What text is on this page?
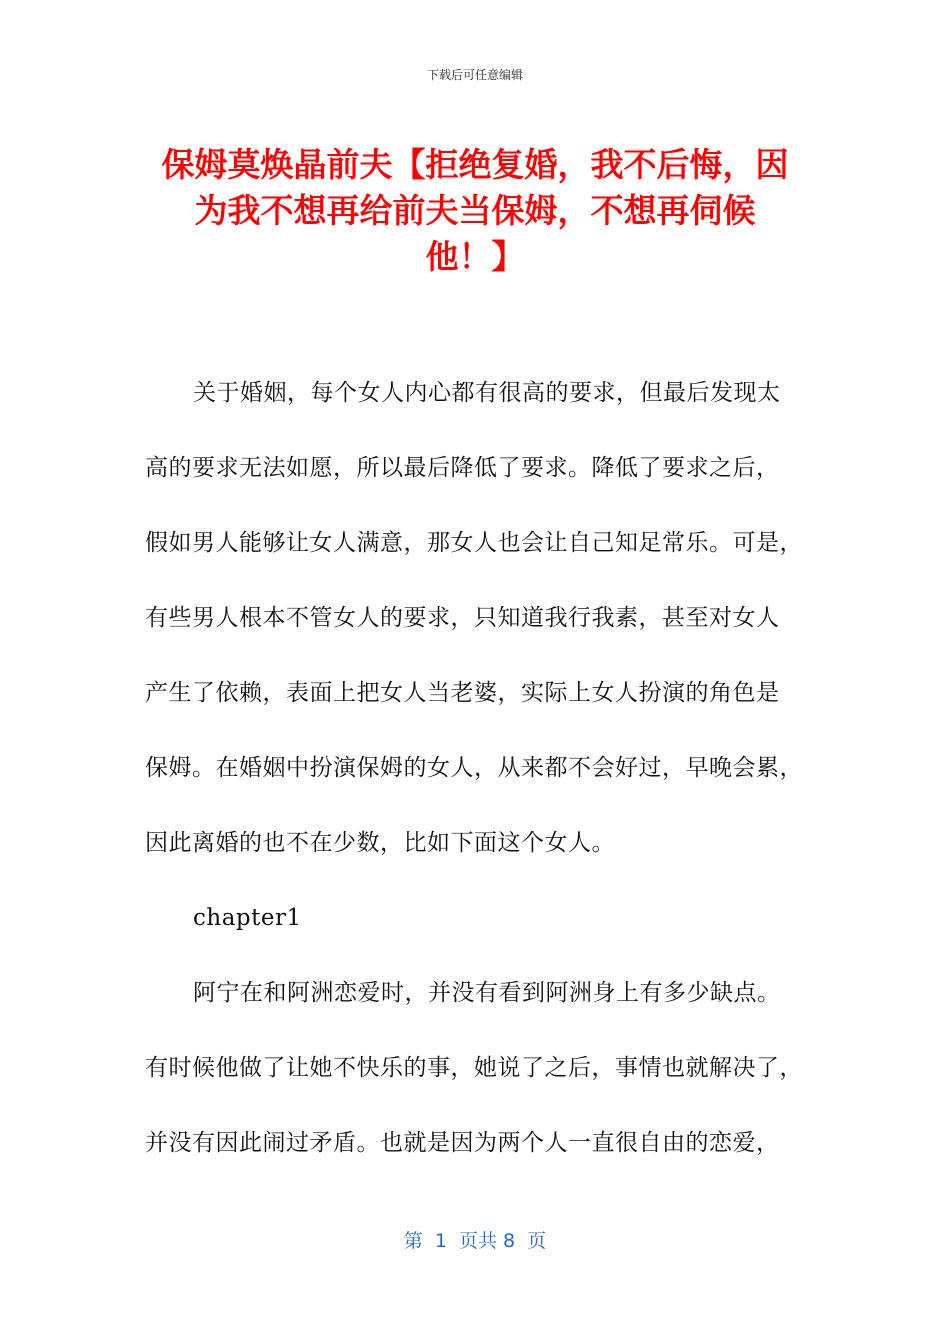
下载后可任意编辑
保姆莫焕晶前夫【拒绝复婚，我不后悔，因
为我不想再给前夫当保姆，不想再伺候
他！】
关于婚姻，每个女人内心都有很高的要求，但最后发现太
高的要求无法如愿，所以最后降低了要求。降低了要求之后，
假如男人能够让女人满意，那女人也会让自己知足常乐。可是，
有些男人根本不管女人的要求，只知道我行我素，甚至对女人
产生了依赖，表面上把女人当老婆，实际上女人扮演的角色是
保姆。在婚姻中扮演保姆的女人，从来都不会好过，早晚会累，
因此离婚的也不在少数，比如下面这个女人。
chapter1
阿宁在和阿洲恋爱时，并没有看到阿洲身上有多少缺点。
有时候他做了让她不快乐的事，她说了之后，事情也就解决了，
并没有因此闹过矛盾。也就是因为两个人一直很自由的恋爱，
第  1  页共 8  页
